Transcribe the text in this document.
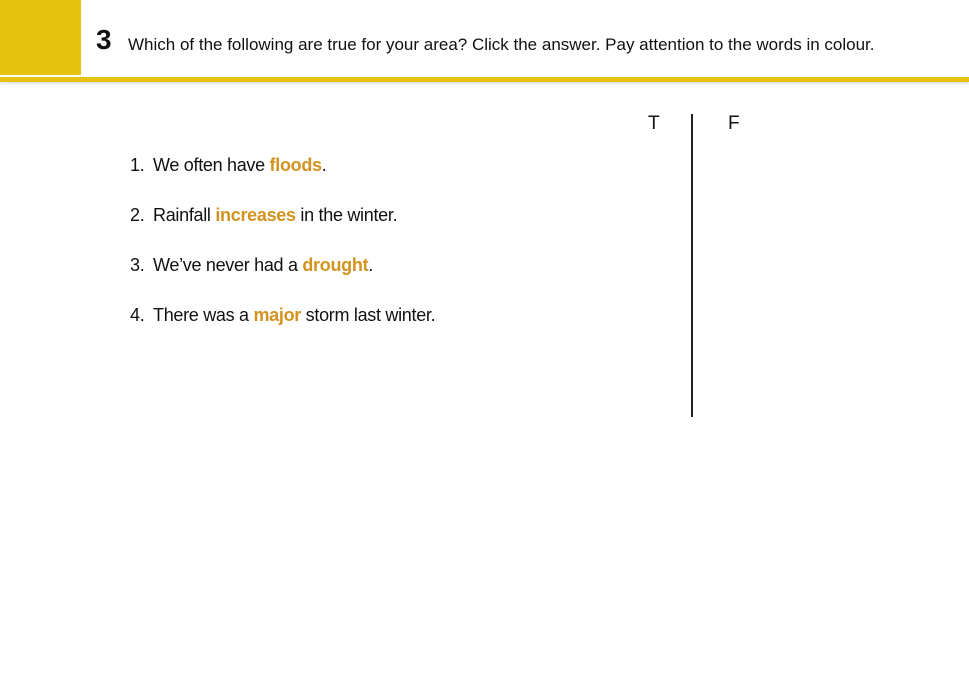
3 Which of the following are true for your area? Click the answer. Pay attention to the words in colour.
T	F
1. We often have floods.
2. Rainfall increases in the winter.
3. We’ve never had a drought.
4. There was a major storm last winter.
